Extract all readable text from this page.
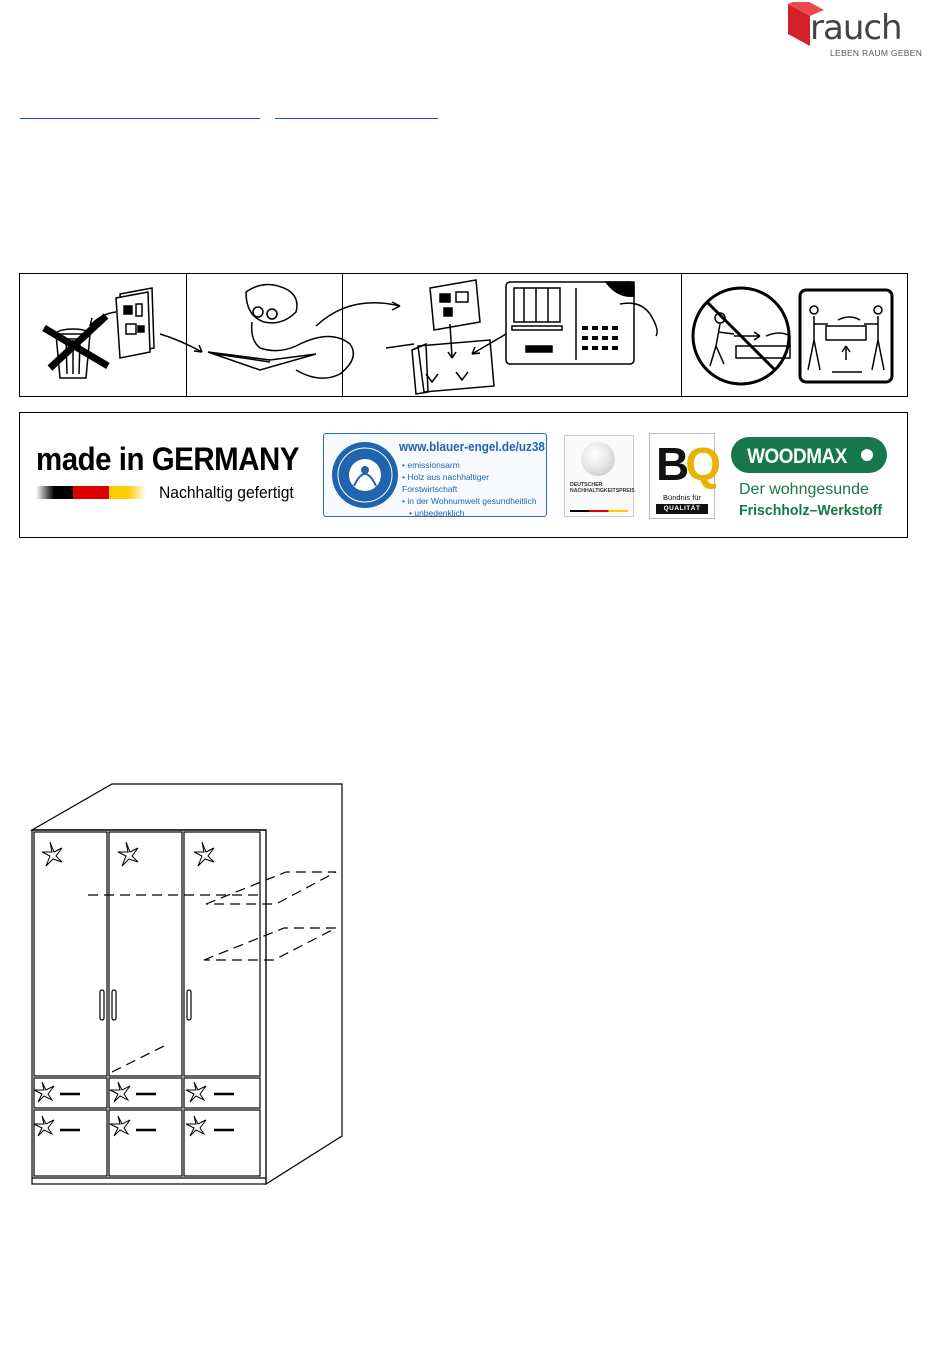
rauch
LEBEN RAUM GEBEN
made in GERMANY
Nachhaltig gefertigt
www.blauer-engel.de/uz38
• emissionsarm
• Holz aus nachhaltiger Forstwirtschaft
• in der Wohnumwelt gesundheitlich
• unbedenklich
DEUTSCHER
NACHHALTIGKEITSPREIS
BQ
Bündnis für
QUALITÄT
WOODMAX
Der wohngesunde
Frischholz–Werkstoff
